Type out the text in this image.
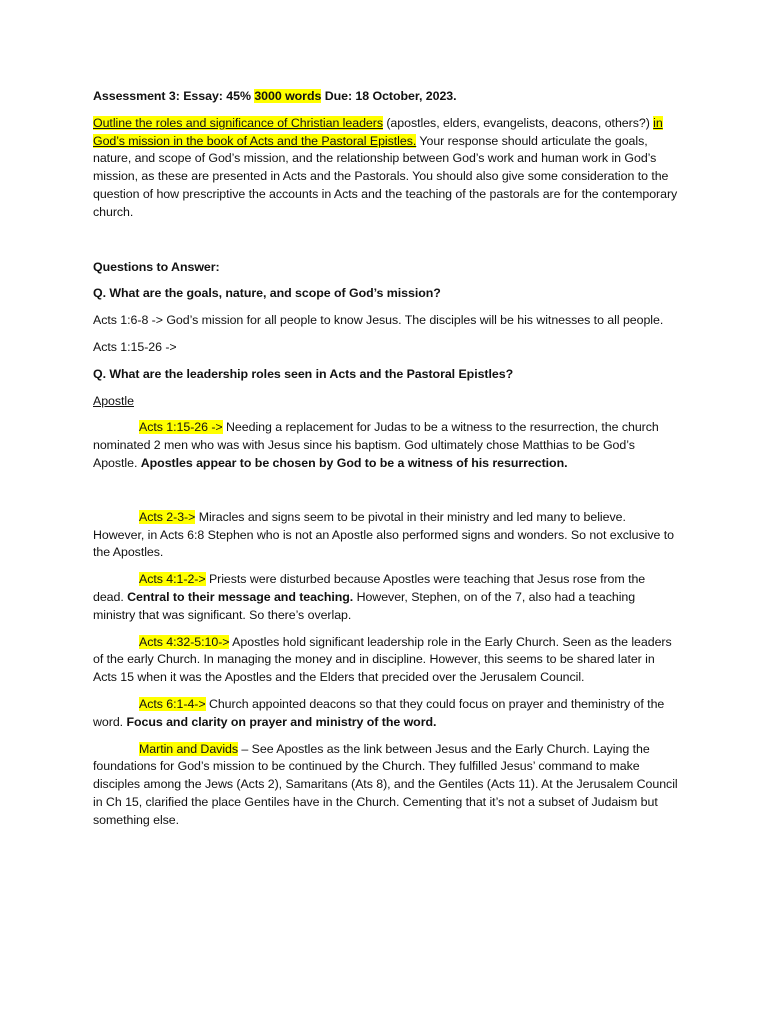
Assessment 3: Essay: 45% 3000 words Due: 18 October, 2023.

Outline the roles and significance of Christian leaders (apostles, elders, evangelists, deacons, others?) in God’s mission in the book of Acts and the Pastoral Epistles. Your response should articulate the goals, nature, and scope of God’s mission, and the relationship between God’s work and human work in God’s mission, as these are presented in Acts and the Pastorals. You should also give some consideration to the question of how prescriptive the accounts in Acts and the teaching of the pastorals are for the contemporary church.

Questions to Answer:

Q. What are the goals, nature, and scope of God’s mission?

Acts 1:6-8 -> God’s mission for all people to know Jesus. The disciples will be his witnesses to all people.

Acts 1:15-26 ->

Q. What are the leadership roles seen in Acts and the Pastoral Epistles?

Apostle

Acts 1:15-26 -> Needing a replacement for Judas to be a witness to the resurrection, the church nominated 2 men who was with Jesus since his baptism. God ultimately chose Matthias to be God’s Apostle. Apostles appear to be chosen by God to be a witness of his resurrection.

Acts 2-3-> Miracles and signs seem to be pivotal in their ministry and led many to believe. However, in Acts 6:8 Stephen who is not an Apostle also performed signs and wonders. So not exclusive to the Apostles.

Acts 4:1-2-> Priests were disturbed because Apostles were teaching that Jesus rose from the dead. Central to their message and teaching. However, Stephen, on of the 7, also had a teaching ministry that was significant. So there’s overlap.

Acts 4:32-5:10-> Apostles hold significant leadership role in the Early Church. Seen as the leaders of the early Church. In managing the money and in discipline. However, this seems to be shared later in Acts 15 when it was the Apostles and the Elders that precided over the Jerusalem Council.

Acts 6:1-4-> Church appointed deacons so that they could focus on prayer and theministry of the word. Focus and clarity on prayer and ministry of the word.

Martin and Davids – See Apostles as the link between Jesus and the Early Church. Laying the foundations for God’s mission to be continued by the Church. They fulfilled Jesus’ command to make disciples among the Jews (Acts 2), Samaritans (Ats 8), and the Gentiles (Acts 11). At the Jerusalem Council in Ch 15, clarified the place Gentiles have in the Church. Cementing that it’s not a subset of Judaism but something else.
